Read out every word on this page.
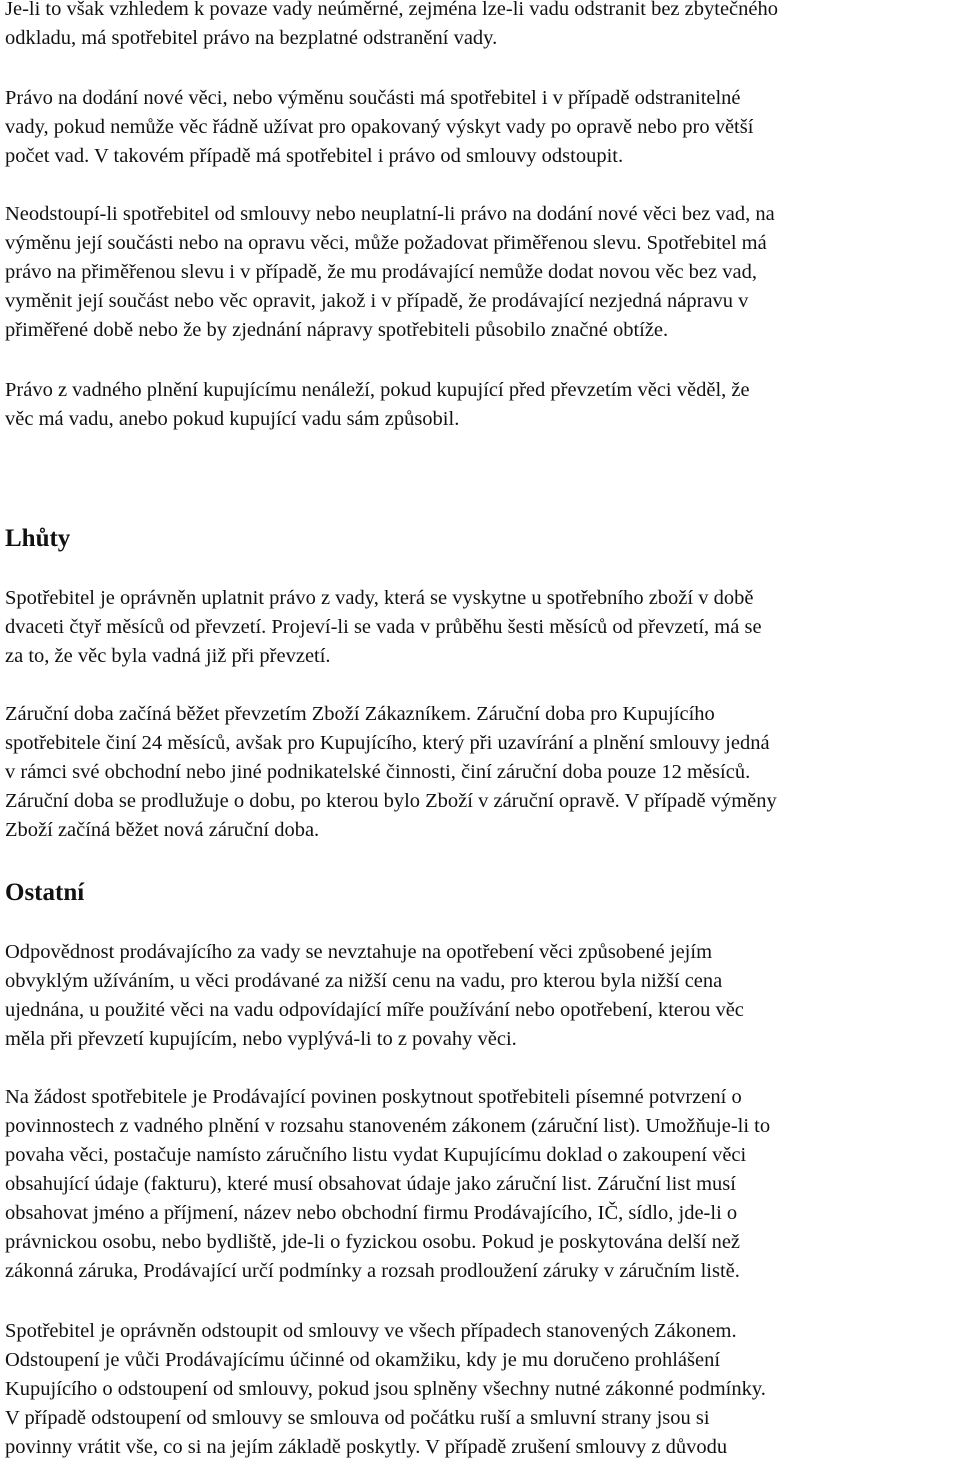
Je-li to však vzhledem k povaze vady neúměrné, zejména lze-li vadu odstranit bez zbytečného
odkladu, má spotřebitel právo na bezplatné odstranění vady.
Právo na dodání nové věci, nebo výměnu součásti má spotřebitel i v případě odstranitelné
vady, pokud nemůže věc řádně užívat pro opakovaný výskyt vady po opravě nebo pro větší
počet vad. V takovém případě má spotřebitel i právo od smlouvy odstoupit.
Neodstoupí-li spotřebitel od smlouvy nebo neuplatní-li právo na dodání nové věci bez vad, na
výměnu její součásti nebo na opravu věci, může požadovat přiměřenou slevu. Spotřebitel má
právo na přiměřenou slevu i v případě, že mu prodávající nemůže dodat novou věc bez vad,
vyměnit její součást nebo věc opravit, jakož i v případě, že prodávající nezjedná nápravu v
přiměřené době nebo že by zjednání nápravy spotřebiteli působilo značné obtíže.
Právo z vadného plnění kupujícímu nenáleží, pokud kupující před převzetím věci věděl, že
věc má vadu, anebo pokud kupující vadu sám způsobil.
Lhůty
Spotřebitel je oprávněn uplatnit právo z vady, která se vyskytne u spotřebního zboží v době
dvaceti čtyř měsíců od převzetí. Projeví-li se vada v průběhu šesti měsíců od převzetí, má se
za to, že věc byla vadná již při převzetí.
Záruční doba začíná běžet převzetím Zboží Zákazníkem. Záruční doba pro Kupujícího
spotřebitele činí 24 měsíců, avšak pro Kupujícího, který při uzavírání a plnění smlouvy jedná
v rámci své obchodní nebo jiné podnikatelské činnosti, činí záruční doba pouze 12 měsíců.
Záruční doba se prodlužuje o dobu, po kterou bylo Zboží v záruční opravě. V případě výměny
Zboží začíná běžet nová záruční doba.
Ostatní
Odpovědnost prodávajícího za vady se nevztahuje na opotřebení věci způsobené jejím
obvyklým užíváním, u věci prodávané za nižší cenu na vadu, pro kterou byla nižší cena
ujednána, u použité věci na vadu odpovídající míře používání nebo opotřebení, kterou věc
měla při převzetí kupujícím, nebo vyplývá-li to z povahy věci.
Na žádost spotřebitele je Prodávající povinen poskytnout spotřebiteli písemné potvrzení o
povinnostech z vadného plnění v rozsahu stanoveném zákonem (záruční list). Umožňuje-li to
povaha věci, postačuje namísto záručního listu vydat Kupujícímu doklad o zakoupení věci
obsahující údaje (fakturu), které musí obsahovat údaje jako záruční list. Záruční list musí
obsahovat jméno a příjmení, název nebo obchodní firmu Prodávajícího, IČ, sídlo, jde-li o
právnickou osobu, nebo bydliště, jde-li o fyzickou osobu. Pokud je poskytována delší než
zákonná záruka, Prodávající určí podmínky a rozsah prodloužení záruky v záručním listě.
Spotřebitel je oprávněn odstoupit od smlouvy ve všech případech stanovených Zákonem.
Odstoupení je vůči Prodávajícímu účinné od okamžiku, kdy je mu doručeno prohlášení
Kupujícího o odstoupení od smlouvy, pokud jsou splněny všechny nutné zákonné podmínky.
V případě odstoupení od smlouvy se smlouva od počátku ruší a smluvní strany jsou si
povinny vrátit vše, co si na jejím základě poskytly. V případě zrušení smlouvy z důvodu
